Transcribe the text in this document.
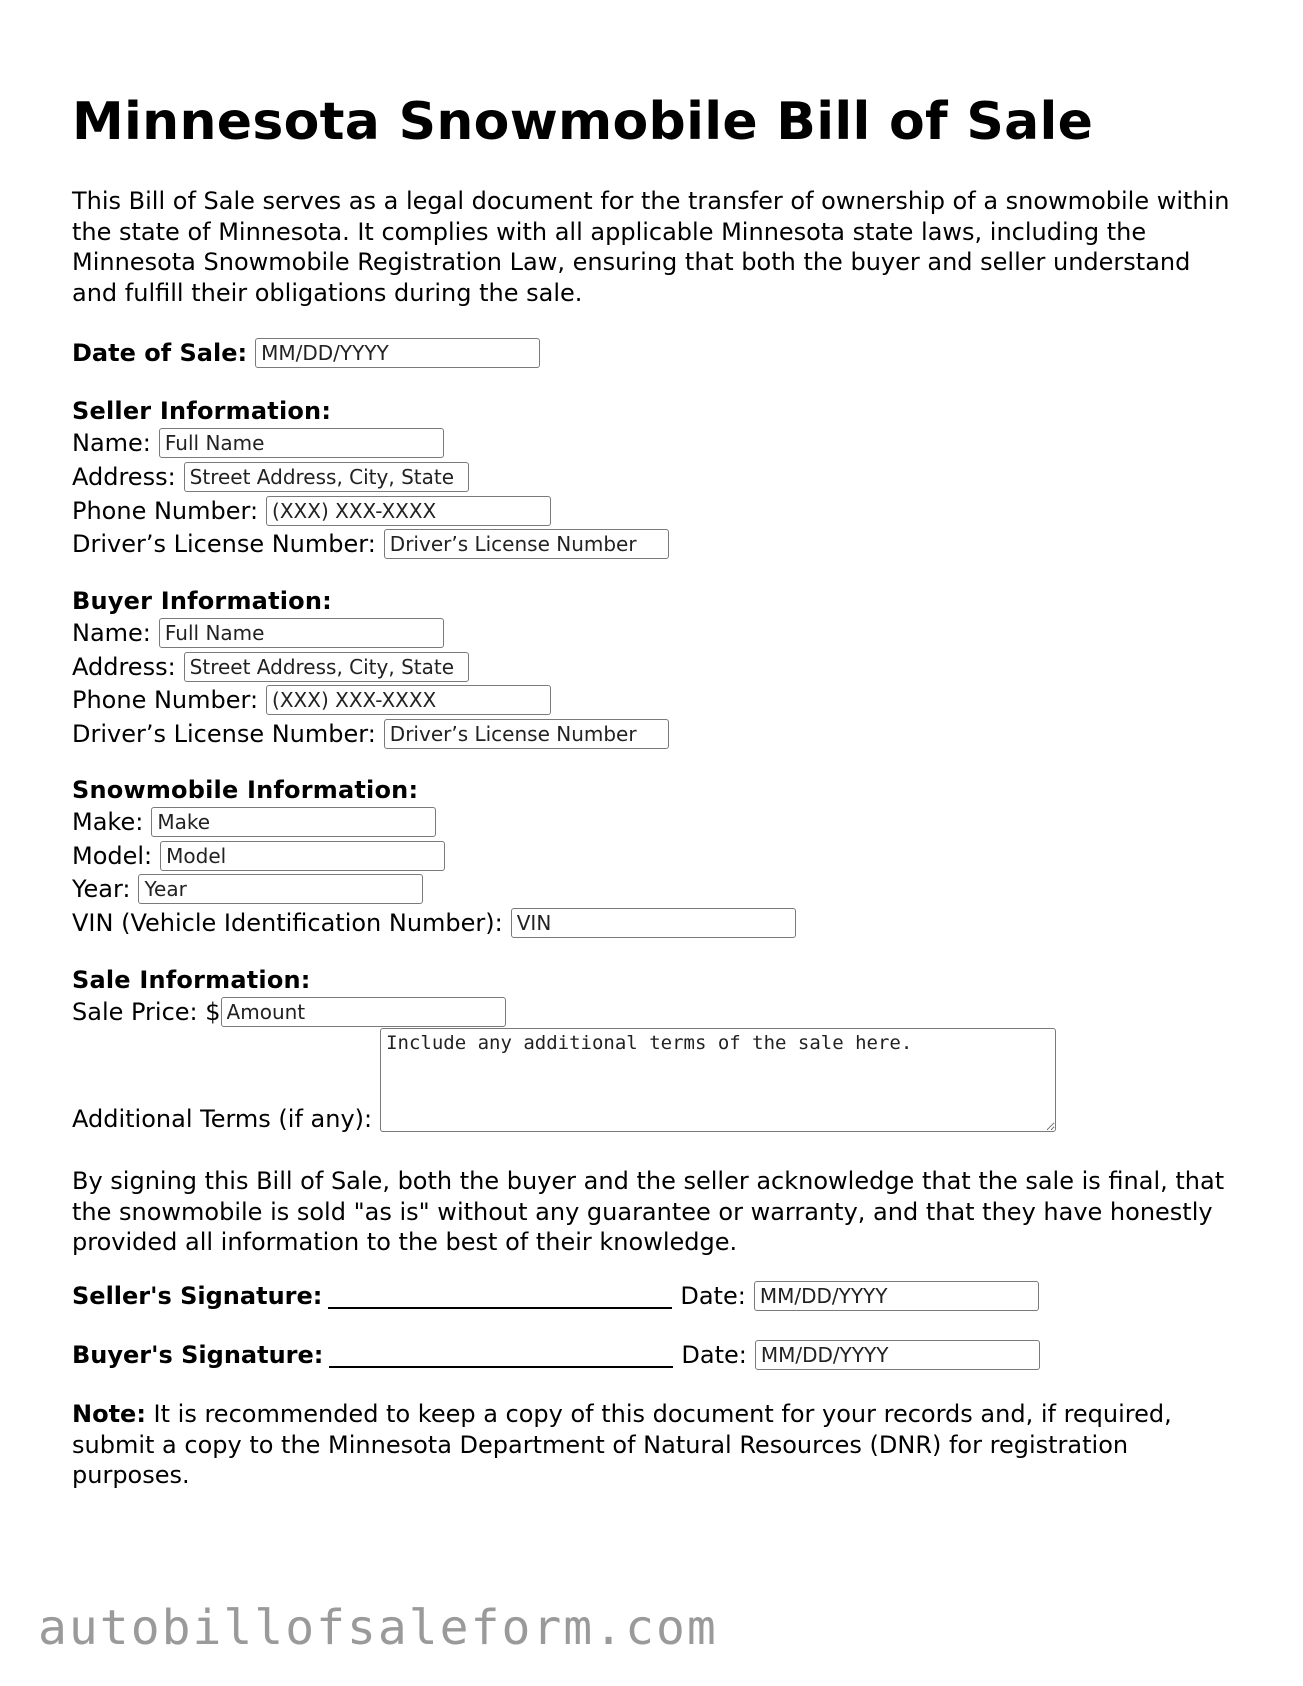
Minnesota Snowmobile Bill of Sale
This Bill of Sale serves as a legal document for the transfer of ownership of a snowmobile within the state of Minnesota. It complies with all applicable Minnesota state laws, including the Minnesota Snowmobile Registration Law, ensuring that both the buyer and seller understand and fulfill their obligations during the sale.
Date of Sale:
MM/DD/YYYY
Seller Information:
Name:
Full Name
Address:
Street Address, City, State
Phone Number:
(XXX) XXX-XXXX
Driver’s License Number:
Driver’s License Number
Buyer Information:
Name:
Full Name
Address:
Street Address, City, State
Phone Number:
(XXX) XXX-XXXX
Driver’s License Number:
Driver’s License Number
Snowmobile Information:
Make:
Make
Model:
Model
Year:
Year
VIN (Vehicle Identification Number):
VIN
Sale Information:
Sale Price: $
Amount
Additional Terms (if any):
Include any additional terms of the sale here.
By signing this Bill of Sale, both the buyer and the seller acknowledge that the sale is final, that the snowmobile is sold "as is" without any guarantee or warranty, and that they have honestly provided all information to the best of their knowledge.
Seller's Signature:	Date:
MM/DD/YYYY
Buyer's Signature:	Date:
MM/DD/YYYY
Note: It is recommended to keep a copy of this document for your records and, if required, submit a copy to the Minnesota Department of Natural Resources (DNR) for registration purposes.
autobillofsaleform.com
